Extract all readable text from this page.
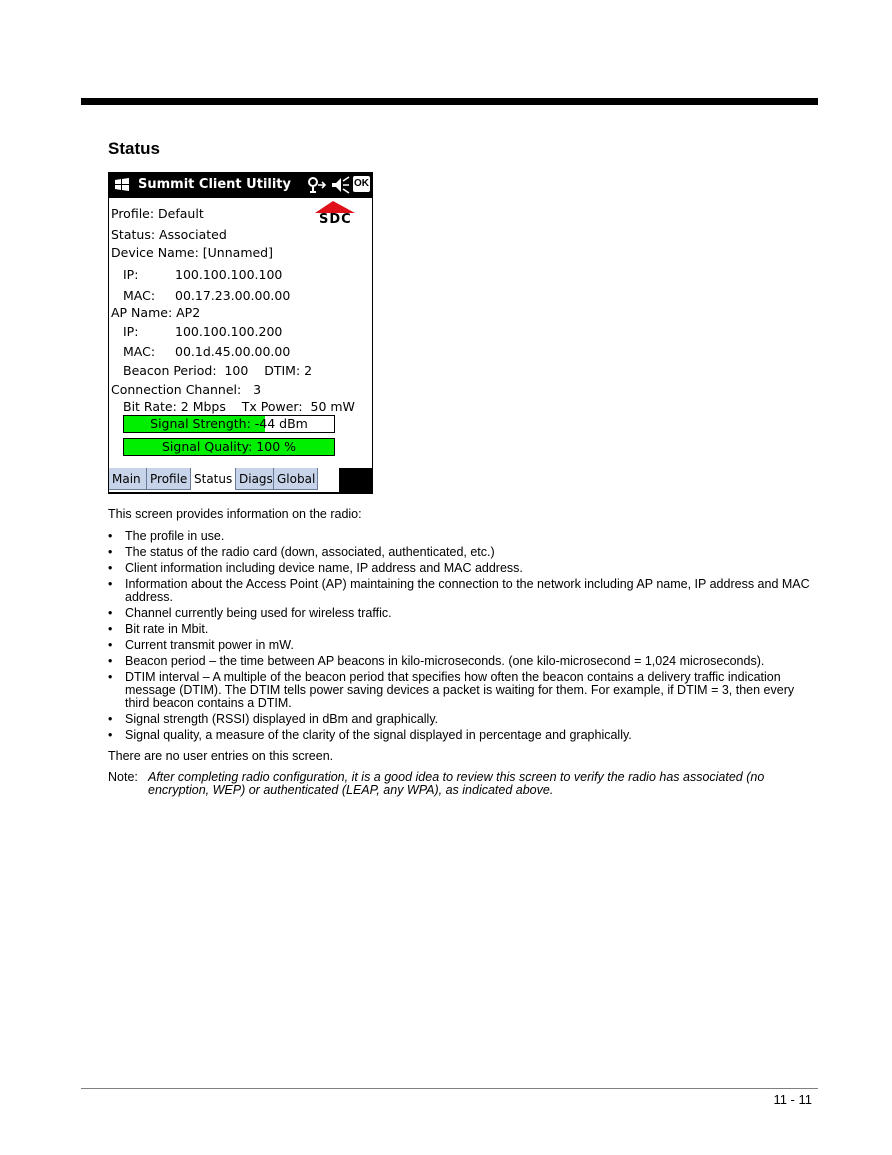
Status
Summit Client Utility	OK
SDC
Profile: Default
Status: Associated
Device Name: [Unnamed]
IP:	100.100.100.100
MAC: 00.17.23.00.00.00
AP Name: AP2
IP:	100.100.100.200
MAC: 00.1d.45.00.00.00
Beacon Period:  100    DTIM: 2
Connection Channel:   3
Bit Rate: 2 Mbps    Tx Power:  50 mW
Signal Strength: -44 dBm
Signal Quality: 100 %
Main Profile Status Diags Global
This screen provides information on the radio:
• The profile in use.
• The status of the radio card (down, associated, authenticated, etc.)
• Client information including device name, IP address and MAC address.
• Information about the Access Point (AP) maintaining the connection to the network including AP name, IP address and MAC address.
• Channel currently being used for wireless traffic.
• Bit rate in Mbit.
• Current transmit power in mW.
• Beacon period – the time between AP beacons in kilo-microseconds. (one kilo-microsecond = 1,024 microseconds).
• DTIM interval – A multiple of the beacon period that specifies how often the beacon contains a delivery traffic indication message (DTIM). The DTIM tells power saving devices a packet is waiting for them. For example, if DTIM = 3, then every third beacon contains a DTIM.
• Signal strength (RSSI) displayed in dBm and graphically.
• Signal quality, a measure of the clarity of the signal displayed in percentage and graphically.
There are no user entries on this screen.
Note: After completing radio configuration, it is a good idea to review this screen to verify the radio has associated (no encryption, WEP) or authenticated (LEAP, any WPA), as indicated above.
11 - 11
